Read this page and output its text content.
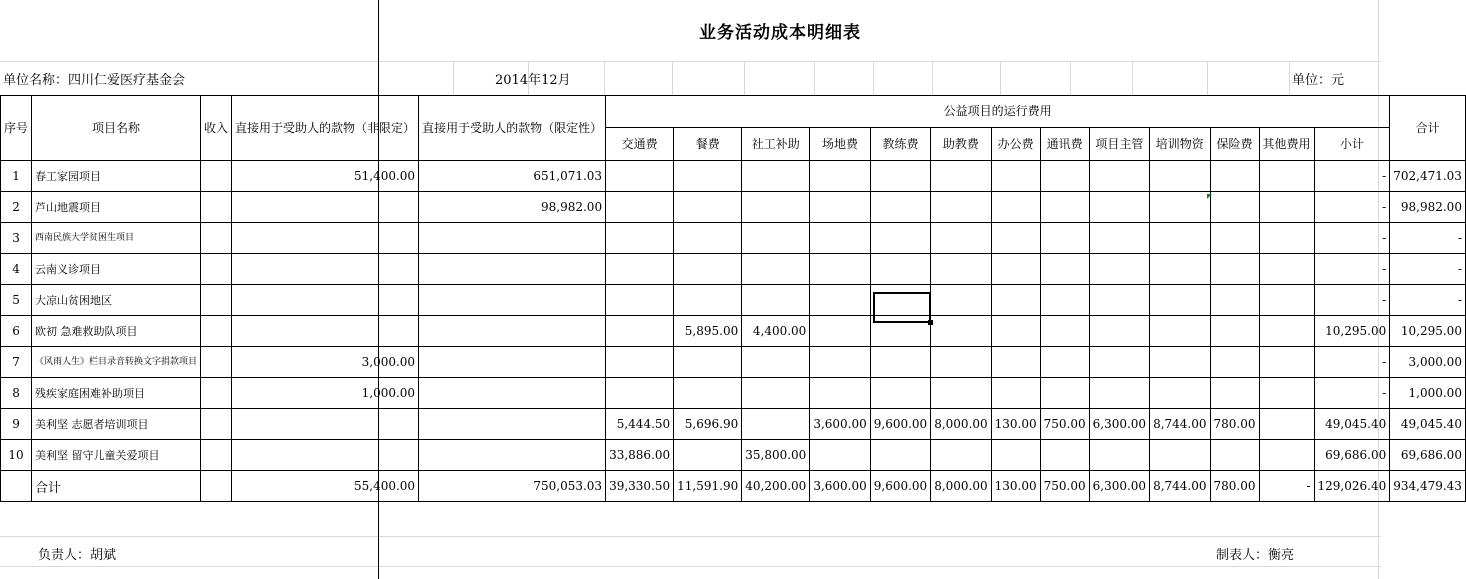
业务活动成本明细表
单位名称：四川仁爱医疗基金会	2014年12月	单位：元
序号	项目名称	收入	直接用于受助人的款物（非限定）	直接用于受助人的款物（限定性）	公益项目的运行费用													合计
					交通费	餐费	社工补助	场地费	教练费	助教费	办公费	通讯费	项目主管	培训物资	保险费	其他费用	小计	
1	春工家园项目		51,400.00	651,071.03													-	702,471.03
2	芦山地震项目			98,982.00													-	98,982.00
3	西南民族大学贫困生项目																-	-
4	云南义诊项目																-	-
5	大凉山贫困地区																-	-
6	欧初 急难救助队项目					5,895.00	4,400.00										10,295.00	10,295.00
7	《风雨人生》栏目录音转换文字捐款项目		3,000.00														-	3,000.00
8	残疾家庭困难补助项目		1,000.00														-	1,000.00
9	美利坚 志愿者培训项目				5,444.50	5,696.90		3,600.00	9,600.00	8,000.00	130.00	750.00	6,300.00	8,744.00	780.00		49,045.40	49,045.40
10	美利坚 留守儿童关爱项目				33,886.00		35,800.00										69,686.00	69,686.00
	合计		55,400.00	750,053.03	39,330.50	11,591.90	40,200.00	3,600.00	9,600.00	8,000.00	130.00	750.00	6,300.00	8,744.00	780.00	-	129,026.40	934,479.43
负责人：胡斌	制表人：衡亮
